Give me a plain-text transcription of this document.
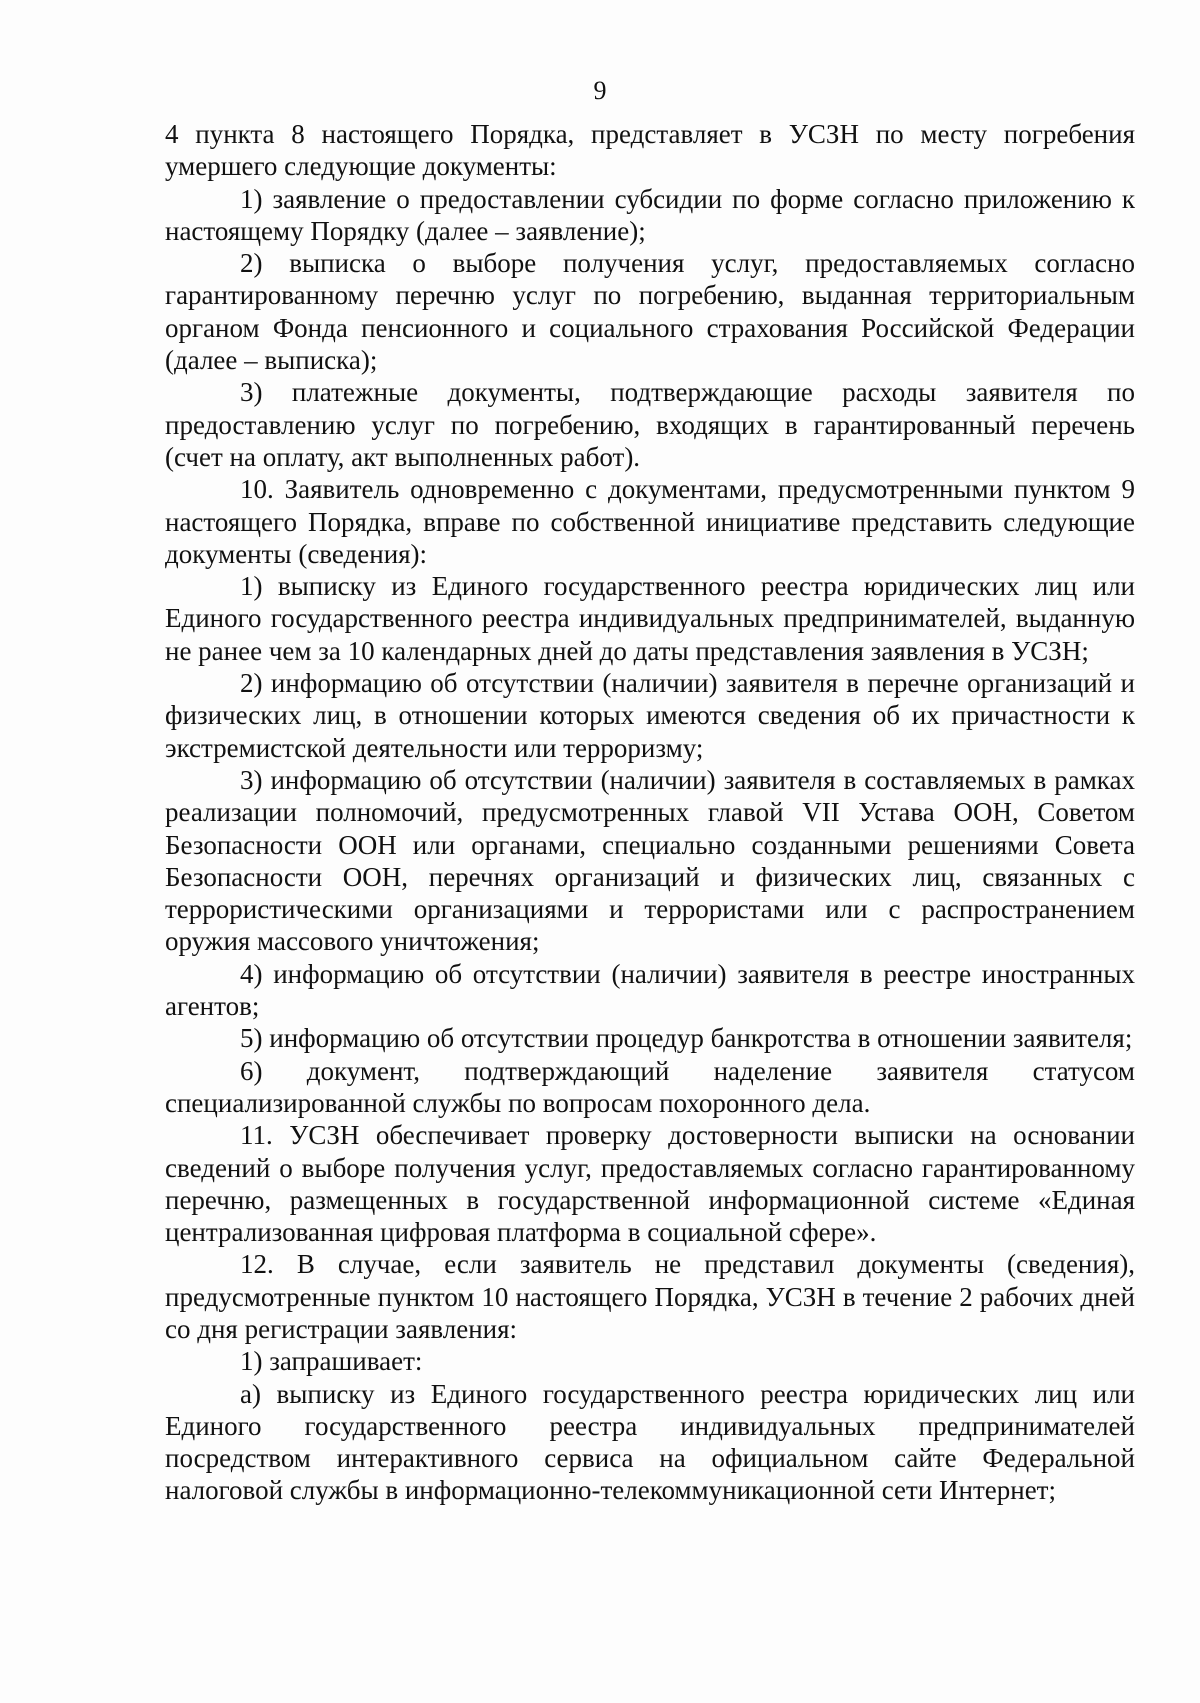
9

4 пункта 8 настоящего Порядка, представляет в УСЗН по месту погребения умершего следующие документы:

1) заявление о предоставлении субсидии по форме согласно приложению к настоящему Порядку (далее – заявление);

2) выписка о выборе получения услуг, предоставляемых согласно гарантированному перечню услуг по погребению, выданная территориальным органом Фонда пенсионного и социального страхования Российской Федерации (далее – выписка);

3) платежные документы, подтверждающие расходы заявителя по предоставлению услуг по погребению, входящих в гарантированный перечень (счет на оплату, акт выполненных работ).

10. Заявитель одновременно с документами, предусмотренными пунктом 9 настоящего Порядка, вправе по собственной инициативе представить следующие документы (сведения):

1) выписку из Единого государственного реестра юридических лиц или Единого государственного реестра индивидуальных предпринимателей, выданную не ранее чем за 10 календарных дней до даты представления заявления в УСЗН;

2) информацию об отсутствии (наличии) заявителя в перечне организаций и физических лиц, в отношении которых имеются сведения об их причастности к экстремистской деятельности или терроризму;

3) информацию об отсутствии (наличии) заявителя в составляемых в рамках реализации полномочий, предусмотренных главой VII Устава ООН, Советом Безопасности ООН или органами, специально созданными решениями Совета Безопасности ООН, перечнях организаций и физических лиц, связанных с террористическими организациями и террористами или с распространением оружия массового уничтожения;

4) информацию об отсутствии (наличии) заявителя в реестре иностранных агентов;

5) информацию об отсутствии процедур банкротства в отношении заявителя;

6) документ, подтверждающий наделение заявителя статусом специализированной службы по вопросам похоронного дела.

11. УСЗН обеспечивает проверку достоверности выписки на основании сведений о выборе получения услуг, предоставляемых согласно гарантированному перечню, размещенных в государственной информационной системе «Единая централизованная цифровая платформа в социальной сфере».

12. В случае, если заявитель не представил документы (сведения), предусмотренные пунктом 10 настоящего Порядка, УСЗН в течение 2 рабочих дней со дня регистрации заявления:

1) запрашивает:

а) выписку из Единого государственного реестра юридических лиц или Единого государственного реестра индивидуальных предпринимателей посредством интерактивного сервиса на официальном сайте Федеральной налоговой службы в информационно-телекоммуникационной сети Интернет;
